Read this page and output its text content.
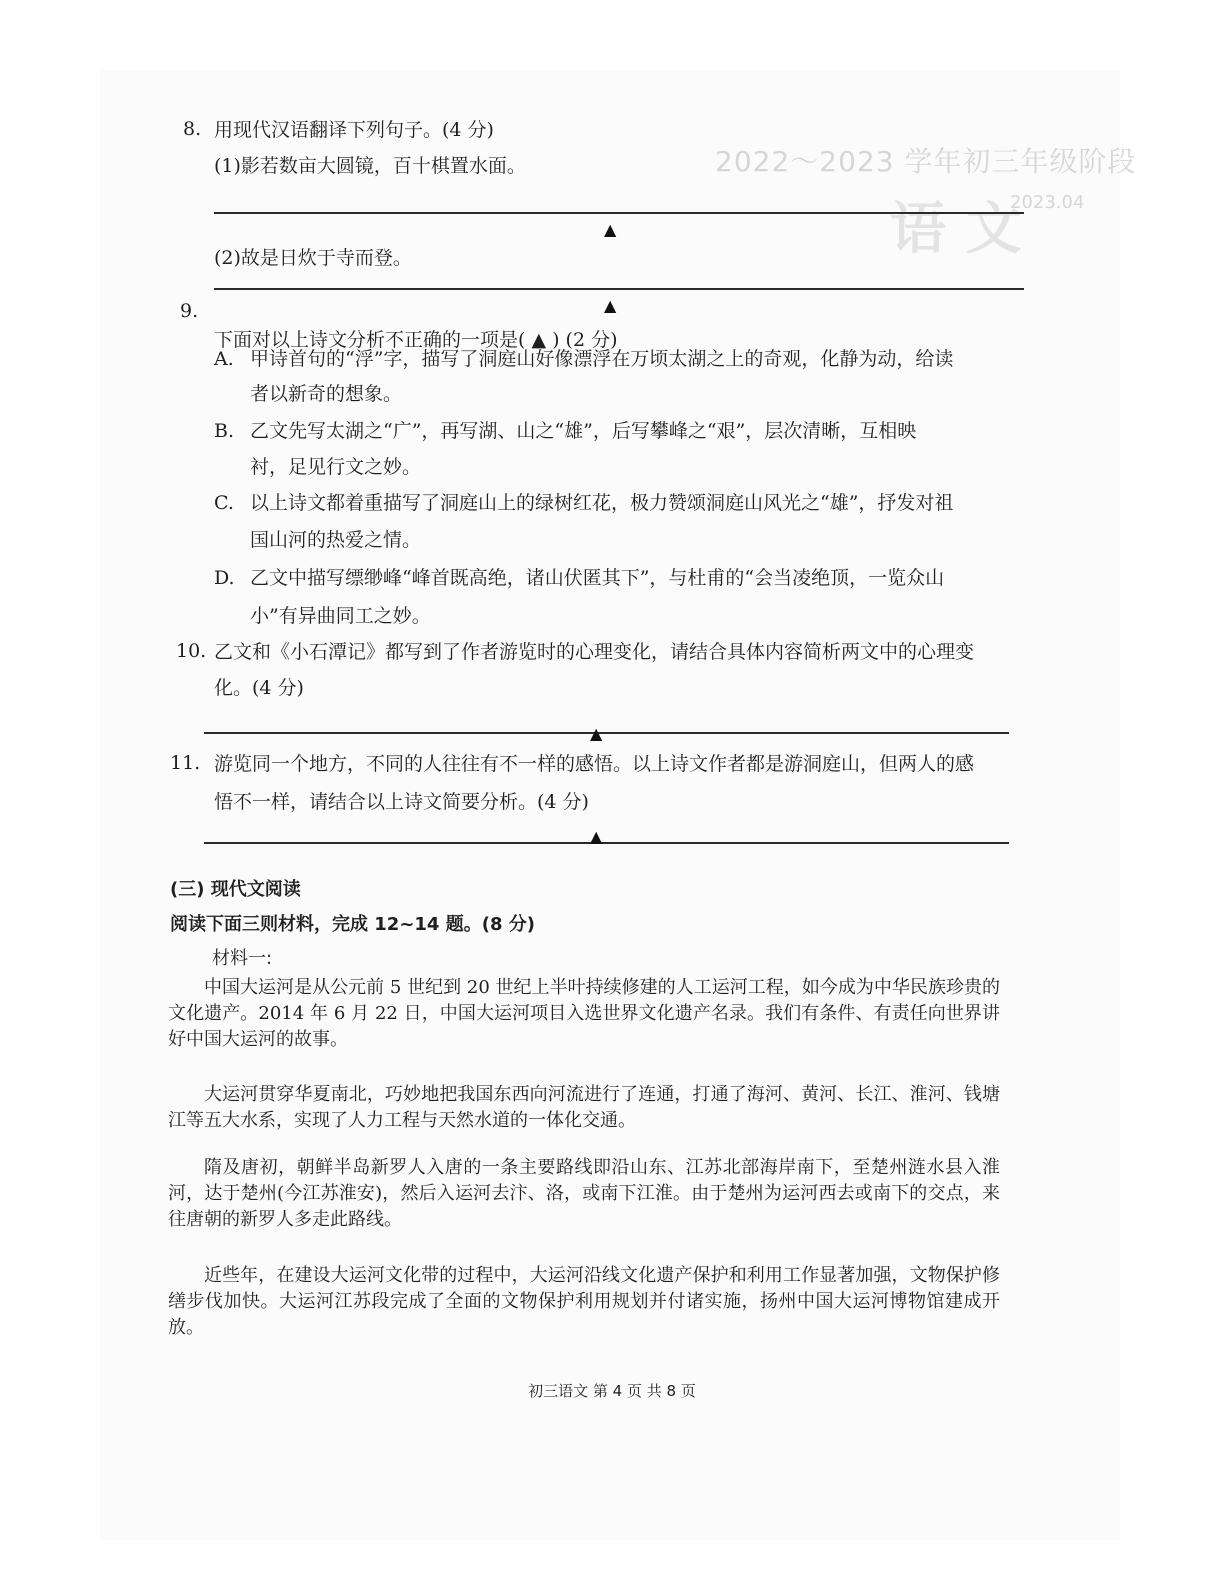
2022～2023 学年初三年级阶段
语 文
2023.04
8. 用现代汉语翻译下列句子。(4 分)
(1)影若数亩大圆镜，百十棋置水面。
▲
(2)故是日炊于寺而登。
▲
9.
下面对以上诗文分析不正确的一项是( ▲ ) (2 分)
A. 甲诗首句的“浮”字，描写了洞庭山好像漂浮在万顷太湖之上的奇观，化静为动，给读
者以新奇的想象。
B. 乙文先写太湖之“广”，再写湖、山之“雄”，后写攀峰之“艰”，层次清晰，互相映
衬，足见行文之妙。
C. 以上诗文都着重描写了洞庭山上的绿树红花，极力赞颂洞庭山风光之“雄”，抒发对祖
国山河的热爱之情。
D. 乙文中描写缥缈峰“峰首既高绝，诸山伏匿其下”，与杜甫的“会当凌绝顶，一览众山
小”有异曲同工之妙。
10. 乙文和《小石潭记》都写到了作者游览时的心理变化，请结合具体内容简析两文中的心理变
化。(4 分)
▲
11. 游览同一个地方，不同的人往往有不一样的感悟。以上诗文作者都是游洞庭山，但两人的感
悟不一样，请结合以上诗文简要分析。(4 分)
▲
(三) 现代文阅读
阅读下面三则材料，完成 12~14 题。(8 分)
材料一:
中国大运河是从公元前 5 世纪到 20 世纪上半叶持续修建的人工运河工程，如今成为中华民族珍贵的文化遗产。2014 年 6 月 22 日，中国大运河项目入选世界文化遗产名录。我们有条件、有责任向世界讲好中国大运河的故事。
大运河贯穿华夏南北，巧妙地把我国东西向河流进行了连通，打通了海河、黄河、长江、淮河、钱塘江等五大水系，实现了人力工程与天然水道的一体化交通。
隋及唐初，朝鲜半岛新罗人入唐的一条主要路线即沿山东、江苏北部海岸南下，至楚州涟水县入淮河，达于楚州(今江苏淮安)，然后入运河去汴、洛，或南下江淮。由于楚州为运河西去或南下的交点，来往唐朝的新罗人多走此路线。
近些年，在建设大运河文化带的过程中，大运河沿线文化遗产保护和利用工作显著加强，文物保护修缮步伐加快。大运河江苏段完成了全面的文物保护利用规划并付诸实施，扬州中国大运河博物馆建成开放。
初三语文 第 4 页 共 8 页
